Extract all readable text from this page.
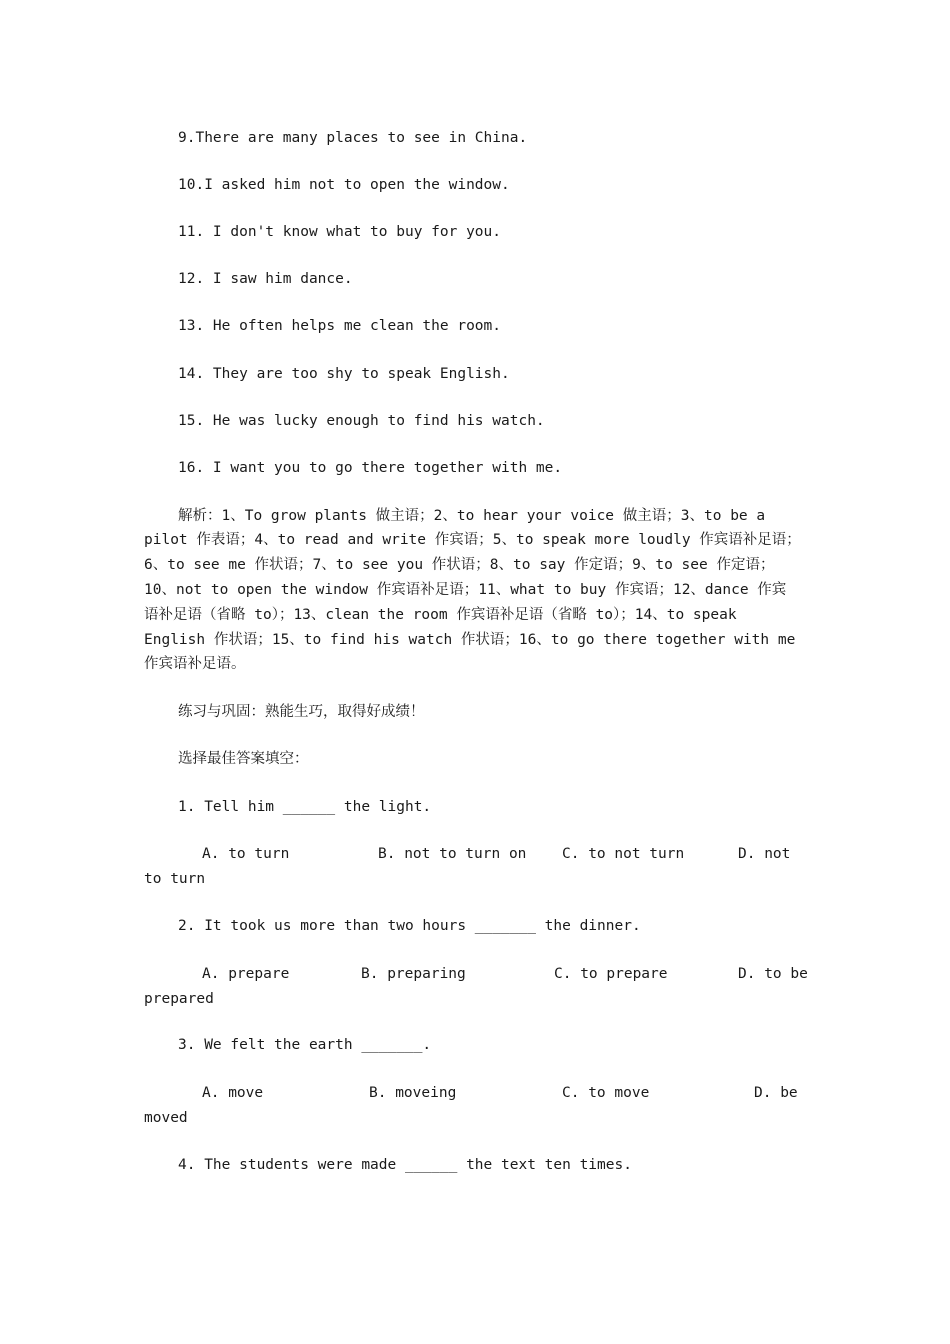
9.There are many places to see in China.
10.I asked him not to open the window.
11. I don't know what to buy for you.
12. I saw him dance.
13. He often helps me clean the room.
14. They are too shy to speak English.
15. He was lucky enough to find his watch.
16. I want you to go there together with me.
解析：1、To grow plants 做主语；2、to hear your voice 做主语；3、to be a
pilot 作表语；4、to read and write 作宾语；5、to speak more loudly 作宾语补足语；
6、to see me 作状语；7、to see you 作状语；8、to say 作定语；9、to see 作定语；
10、not to open the window 作宾语补足语；11、what to buy 作宾语；12、dance 作宾
语补足语（省略 to）；13、clean the room 作宾语补足语（省略 to）；14、to speak
English 作状语；15、to find his watch 作状语；16、to go there together with me
作宾语补足语。
练习与巩固：熟能生巧，取得好成绩！
选择最佳答案填空：
1. Tell him ______ the light.
A. to turn	B. not to turn on C. to not turn	D. not
to turn
2. It took us more than two hours _______ the dinner.
A. prepare	B. preparing	C. to prepare	D. to be
prepared
3. We felt the earth _______.
A. move	B. moveing	C. to move	D. be
moved
4. The students were made ______ the text ten times.
